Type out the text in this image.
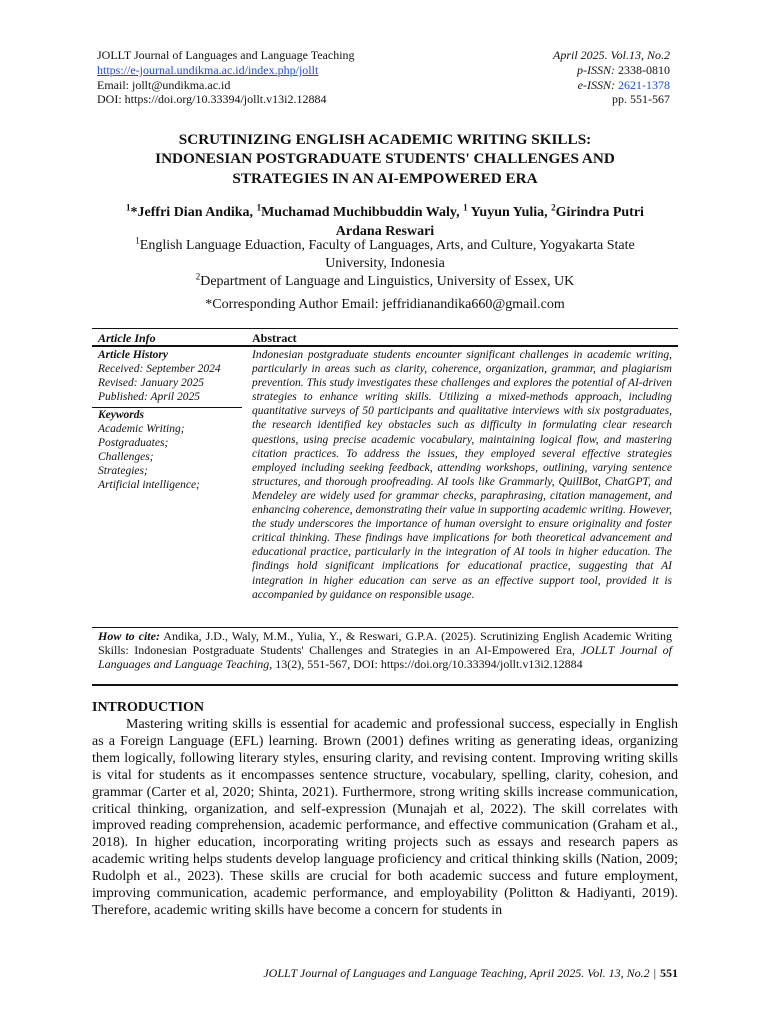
JOLLT Journal of Languages and Language Teaching
https://e-journal.undikma.ac.id/index.php/jollt
Email: jollt@undikma.ac.id
DOI: https://doi.org/10.33394/jollt.v13i2.12884
April 2025. Vol.13, No.2
p-ISSN: 2338-0810
e-ISSN: 2621-1378
pp. 551-567
SCRUTINIZING ENGLISH ACADEMIC WRITING SKILLS:
INDONESIAN POSTGRADUATE STUDENTS' CHALLENGES AND
STRATEGIES IN AN AI-EMPOWERED ERA
$^1$*Jeffri Dian Andika, $^1$Muchamad Muchibbuddin Waly, $^1$ Yuyun Yulia, $^2$Girindra Putri
Ardana Reswari
$^1$English Language Eduaction, Faculty of Languages, Arts, and Culture, Yogyakarta State
University, Indonesia
$^2$Department of Language and Linguistics, University of Essex, UK
*Corresponding Author Email: jeffridianandika660@gmail.com
Article Info	Abstract
Article History
Received: September 2024
Revised: January 2025
Published: April 2025
Keywords
Academic Writing;
Postgraduates;
Challenges;
Strategies;
Artificial intelligence;
Indonesian postgraduate students encounter significant challenges in academic writing, particularly in areas such as clarity, coherence, organization, grammar, and plagiarism prevention. This study investigates these challenges and explores the potential of AI-driven strategies to enhance writing skills. Utilizing a mixed-methods approach, including quantitative surveys of 50 participants and qualitative interviews with six postgraduates, the research identified key obstacles such as difficulty in formulating clear research questions, using precise academic vocabulary, maintaining logical flow, and mastering citation practices. To address the issues, they employed several effective strategies employed including seeking feedback, attending workshops, outlining, varying sentence structures, and thorough proofreading. AI tools like Grammarly, QuillBot, ChatGPT, and Mendeley are widely used for grammar checks, paraphrasing, citation management, and enhancing coherence, demonstrating their value in supporting academic writing. However, the study underscores the importance of human oversight to ensure originality and foster critical thinking. These findings have implications for both theoretical advancement and educational practice, particularly in the integration of AI tools in higher education. The findings hold significant implications for educational practice, suggesting that AI integration in higher education can serve as an effective support tool, provided it is accompanied by guidance on responsible usage.
How to cite: Andika, J.D., Waly, M.M., Yulia, Y., & Reswari, G.P.A. (2025). Scrutinizing English Academic Writing Skills: Indonesian Postgraduate Students' Challenges and Strategies in an AI-Empowered Era, JOLLT Journal of Languages and Language Teaching, 13(2), 551-567, DOI: https://doi.org/10.33394/jollt.v13i2.12884
INTRODUCTION
Mastering writing skills is essential for academic and professional success, especially in English as a Foreign Language (EFL) learning. Brown (2001) defines writing as generating ideas, organizing them logically, following literary styles, ensuring clarity, and revising content. Improving writing skills is vital for students as it encompasses sentence structure, vocabulary, spelling, clarity, cohesion, and grammar (Carter et al, 2020; Shinta, 2021). Furthermore, strong writing skills increase communication, critical thinking, organization, and self-expression (Munajah et al, 2022). The skill correlates with improved reading comprehension, academic performance, and effective communication (Graham et al., 2018). In higher education, incorporating writing projects such as essays and research papers as academic writing helps students develop language proficiency and critical thinking skills (Nation, 2009; Rudolph et al., 2023). These skills are crucial for both academic success and future employment, improving communication, academic performance, and employability (Politton & Hadiyanti, 2019). Therefore, academic writing skills have become a concern for students in
JOLLT Journal of Languages and Language Teaching, April 2025. Vol. 13, No.2 | 551
